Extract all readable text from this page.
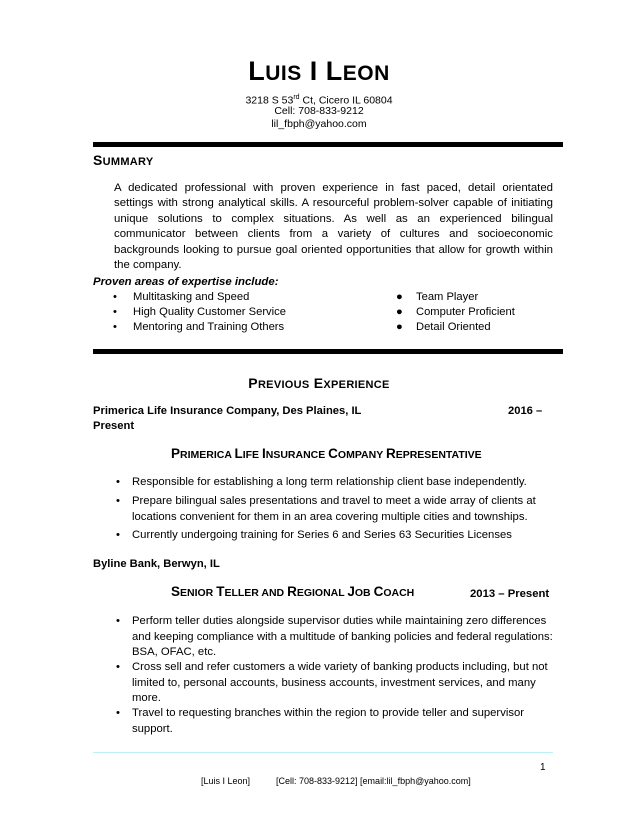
LUIS I LEON
3218 S 53rd Ct, Cicero IL 60804
Cell: 708-833-9212
lil_fbph@yahoo.com
SUMMARY
A dedicated professional with proven experience in fast paced, detail orientated settings with strong analytical skills. A resourceful problem-solver capable of initiating unique solutions to complex situations. As well as an experienced bilingual communicator between clients from a variety of cultures and socioeconomic backgrounds looking to pursue goal oriented opportunities that allow for growth within the company.
Proven areas of expertise include:
• Multitasking and Speed
• High Quality Customer Service
• Mentoring and Training Others
● Team Player
● Computer Proficient
● Detail Oriented
PREVIOUS EXPERIENCE
Primerica Life Insurance Company, Des Plaines, IL	2016 –
Present
PRIMERICA LIFE INSURANCE COMPANY REPRESENTATIVE
• Responsible for establishing a long term relationship client base independently.
• Prepare bilingual sales presentations and travel to meet a wide array of clients at locations convenient for them in an area covering multiple cities and townships.
• Currently undergoing training for Series 6 and Series 63 Securities Licenses
Byline Bank, Berwyn, IL
SENIOR TELLER AND REGIONAL JOB COACH	2013 – Present
• Perform teller duties alongside supervisor duties while maintaining zero differences and keeping compliance with a multitude of banking policies and federal regulations: BSA, OFAC, etc.
• Cross sell and refer customers a wide variety of banking products including, but not limited to, personal accounts, business accounts, investment services, and many more.
• Travel to requesting branches within the region to provide teller and supervisor support.
1
[Luis I Leon]	[Cell: 708-833-9212] [email:lil_fbph@yahoo.com]
